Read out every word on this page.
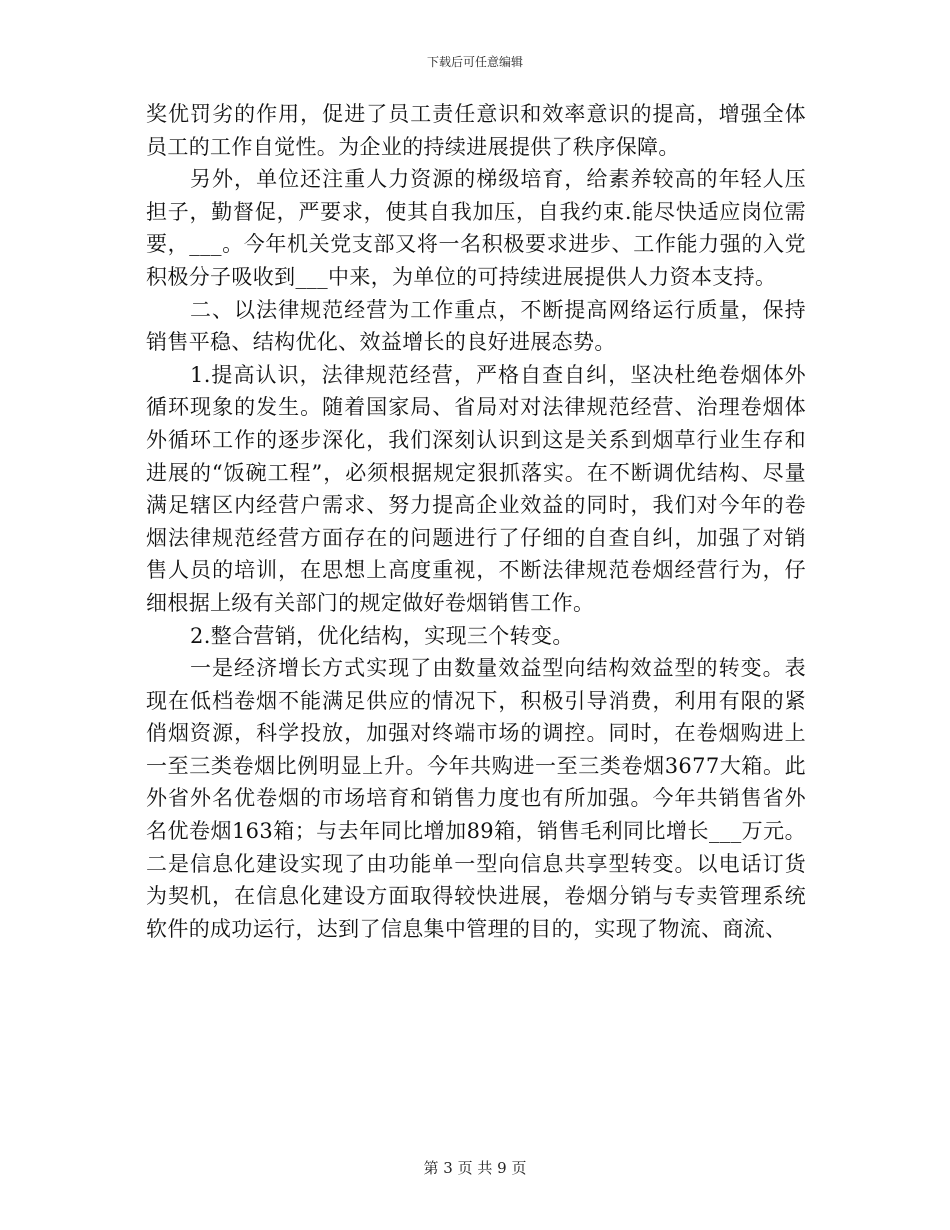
下载后可任意编辑

奖优罚劣的作用，促进了员工责任意识和效率意识的提高，增强全体员工的工作自觉性。为企业的持续进展提供了秩序保障。

另外，单位还注重人力资源的梯级培育，给素养较高的年轻人压担子，勤督促，严要求，使其自我加压，自我约束.能尽快适应岗位需要，___。今年机关党支部又将一名积极要求进步、工作能力强的入党积极分子吸收到___中来，为单位的可持续进展提供人力资本支持。

二、以法律规范经营为工作重点，不断提高网络运行质量，保持销售平稳、结构优化、效益增长的良好进展态势。

1.提高认识，法律规范经营，严格自查自纠，坚决杜绝卷烟体外循环现象的发生。随着国家局、省局对对法律规范经营、治理卷烟体外循环工作的逐步深化，我们深刻认识到这是关系到烟草行业生存和进展的“饭碗工程”，必须根据规定狠抓落实。在不断调优结构、尽量满足辖区内经营户需求、努力提高企业效益的同时，我们对今年的卷烟法律规范经营方面存在的问题进行了仔细的自查自纠，加强了对销售人员的培训，在思想上高度重视，不断法律规范卷烟经营行为，仔细根据上级有关部门的规定做好卷烟销售工作。

2.整合营销，优化结构，实现三个转变。

一是经济增长方式实现了由数量效益型向结构效益型的转变。表现在低档卷烟不能满足供应的情况下，积极引导消费，利用有限的紧俏烟资源，科学投放，加强对终端市场的调控。同时，在卷烟购进上一至三类卷烟比例明显上升。今年共购进一至三类卷烟3677大箱。此外省外名优卷烟的市场培育和销售力度也有所加强。今年共销售省外名优卷烟163箱；与去年同比增加89箱，销售毛利同比增长___万元。二是信息化建设实现了由功能单一型向信息共享型转变。以电话订货为契机，在信息化建设方面取得较快进展，卷烟分销与专卖管理系统软件的成功运行，达到了信息集中管理的目的，实现了物流、商流、

第 3 页 共 9 页
